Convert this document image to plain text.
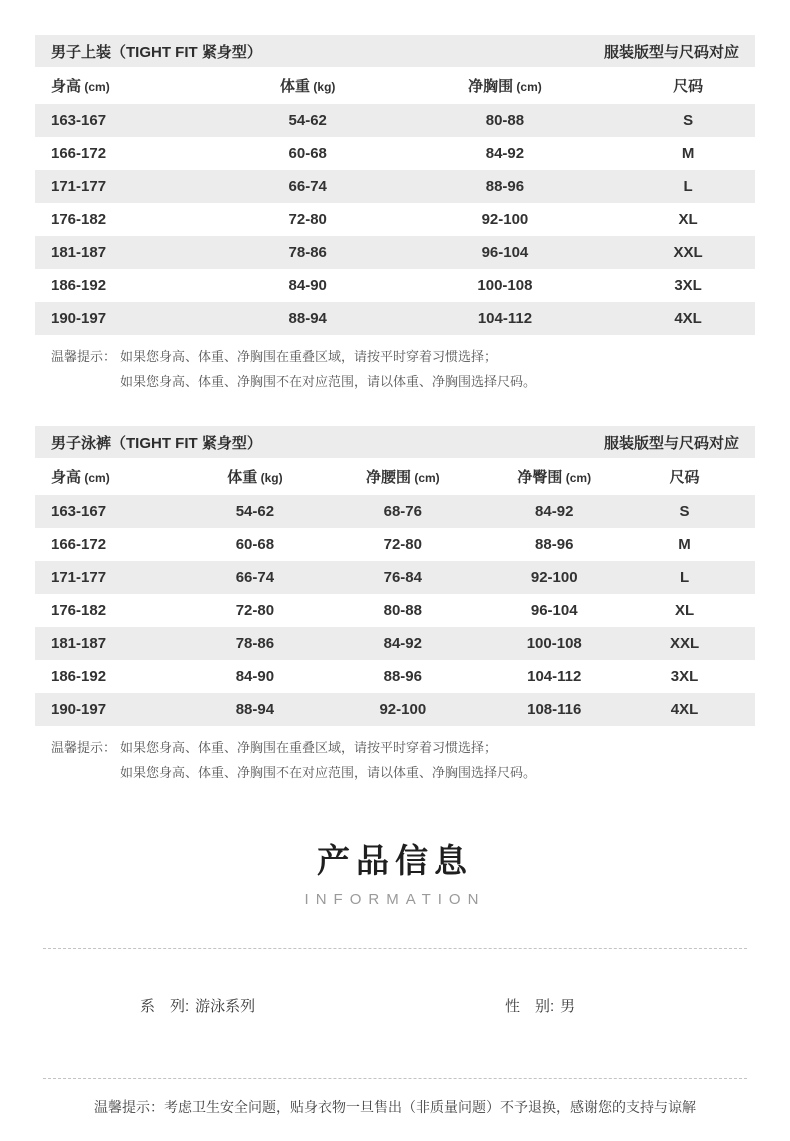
男子上装（TIGHT FIT 紧身型）	服装版型与尺码对应
身高 (cm)	体重 (kg)	净胸围 (cm)	尺码
163-167	54-62	80-88	S
166-172	60-68	84-92	M
171-177	66-74	88-96	L
176-182	72-80	92-100	XL
181-187	78-86	96-104	XXL
186-192	84-90	100-108	3XL
190-197	88-94	104-112	4XL
温馨提示： 如果您身高、体重、净胸围在重叠区域，请按平时穿着习惯选择；
如果您身高、体重、净胸围不在对应范围，请以体重、净胸围选择尺码。
男子泳裤（TIGHT FIT 紧身型）	服装版型与尺码对应
身高 (cm)	体重 (kg)	净腰围 (cm)	净臀围 (cm)	尺码
163-167	54-62	68-76	84-92	S
166-172	60-68	72-80	88-96	M
171-177	66-74	76-84	92-100	L
176-182	72-80	80-88	96-104	XL
181-187	78-86	84-92	100-108	XXL
186-192	84-90	88-96	104-112	3XL
190-197	88-94	92-100	108-116	4XL
温馨提示： 如果您身高、体重、净胸围在重叠区域，请按平时穿着习惯选择；
如果您身高、体重、净胸围不在对应范围，请以体重、净胸围选择尺码。
产品信息
INFORMATION
系　列: 游泳系列	性　别: 男
温馨提示：考虑卫生安全问题，贴身衣物一旦售出（非质量问题）不予退换，感谢您的支持与谅解
